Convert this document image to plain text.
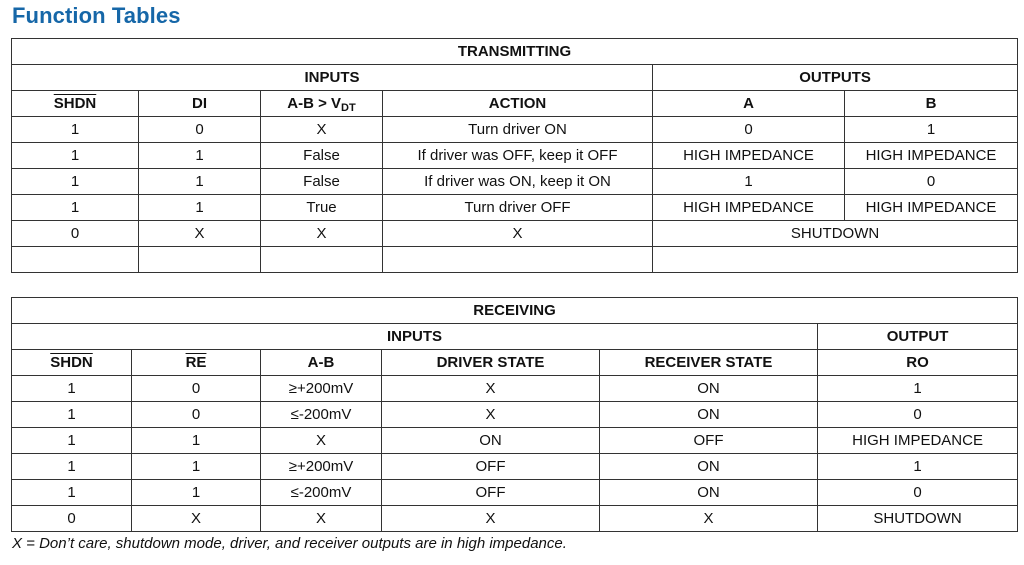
Function Tables
TRANSMITTING					
INPUTS				OUTPUTS	
SHDN	DI	$A-B > V_{DT}$	ACTION	A	B
1	0	X	Turn driver ON	0	1
1	1	False	If driver was OFF, keep it OFF	HIGH IMPEDANCE	HIGH IMPEDANCE
1	1	False	If driver was ON, keep it ON	1	0
1	1	True	Turn driver OFF	HIGH IMPEDANCE	HIGH IMPEDANCE
0	X	X	X	SHUTDOWN	

RECEIVING					
INPUTS					OUTPUT
SHDN	$\overline{RE}$	A-B	DRIVER STATE	RECEIVER STATE	RO
1	0	≥+200mV	X	ON	1
1	0	≤-200mV	X	ON	0
1	1	X	ON	OFF	HIGH IMPEDANCE
1	1	≥+200mV	OFF	ON	1
1	1	≤-200mV	OFF	ON	0
0	X	X	X	X	SHUTDOWN
X = Don’t care, shutdown mode, driver, and receiver outputs are in high impedance.
